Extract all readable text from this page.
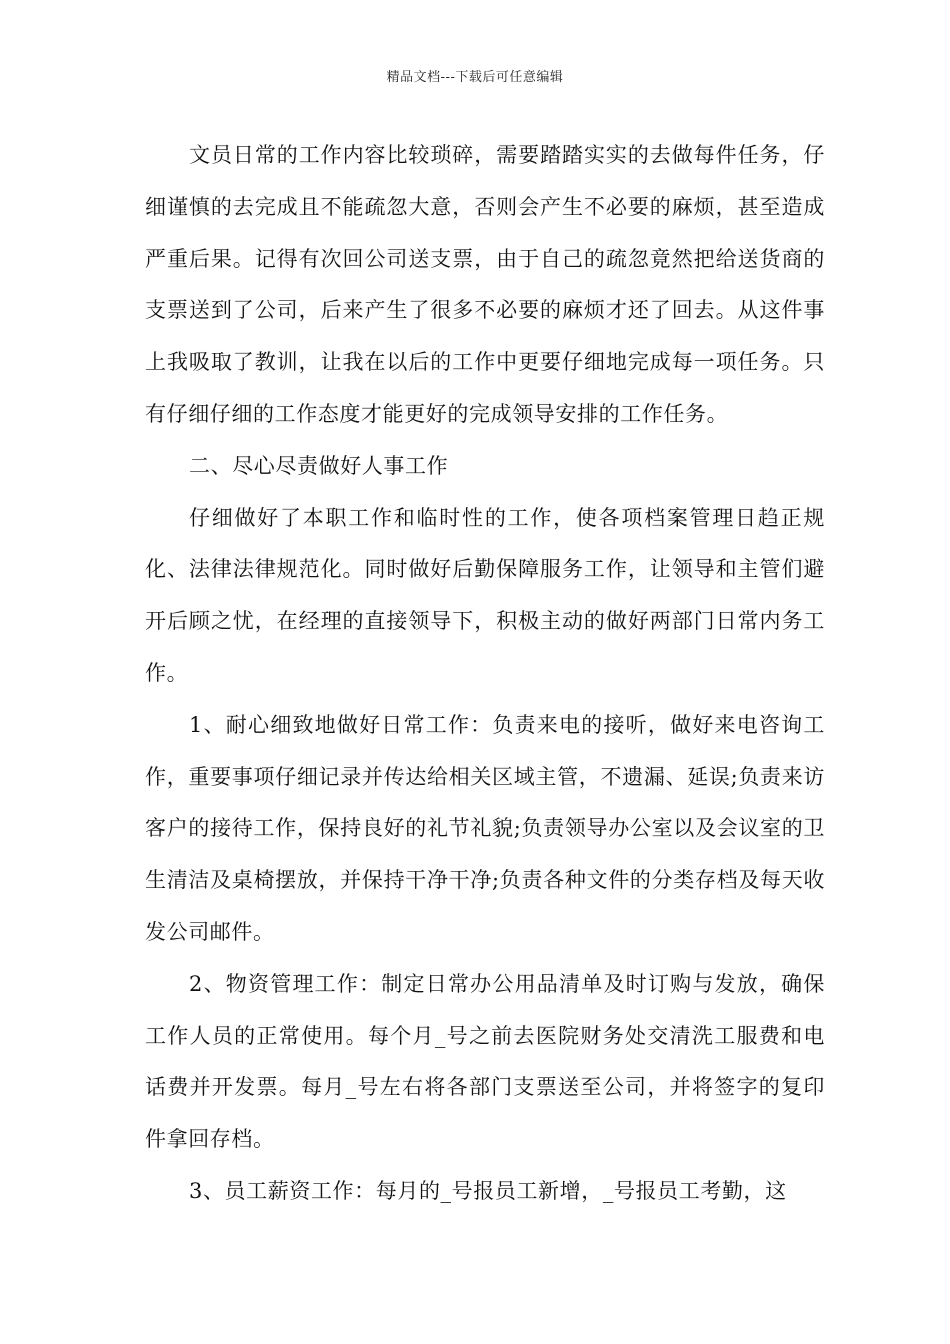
精品文档---下载后可任意编辑

文员日常的工作内容比较琐碎，需要踏踏实实的去做每件任务，仔细谨慎的去完成且不能疏忽大意，否则会产生不必要的麻烦，甚至造成严重后果。记得有次回公司送支票，由于自己的疏忽竟然把给送货商的支票送到了公司，后来产生了很多不必要的麻烦才还了回去。从这件事上我吸取了教训，让我在以后的工作中更要仔细地完成每一项任务。只有仔细仔细的工作态度才能更好的完成领导安排的工作任务。

二、尽心尽责做好人事工作

仔细做好了本职工作和临时性的工作，使各项档案管理日趋正规化、法律法律规范化。同时做好后勤保障服务工作，让领导和主管们避开后顾之忧，在经理的直接领导下，积极主动的做好两部门日常内务工作。

1、耐心细致地做好日常工作：负责来电的接听，做好来电咨询工作，重要事项仔细记录并传达给相关区域主管，不遗漏、延误;负责来访客户的接待工作，保持良好的礼节礼貌;负责领导办公室以及会议室的卫生清洁及桌椅摆放，并保持干净干净;负责各种文件的分类存档及每天收发公司邮件。

2、物资管理工作：制定日常办公用品清单及时订购与发放，确保工作人员的正常使用。每个月_号之前去医院财务处交清洗工服费和电话费并开发票。每月_号左右将各部门支票送至公司，并将签字的复印件拿回存档。

3、员工薪资工作：每月的_号报员工新增，_号报员工考勤，这
